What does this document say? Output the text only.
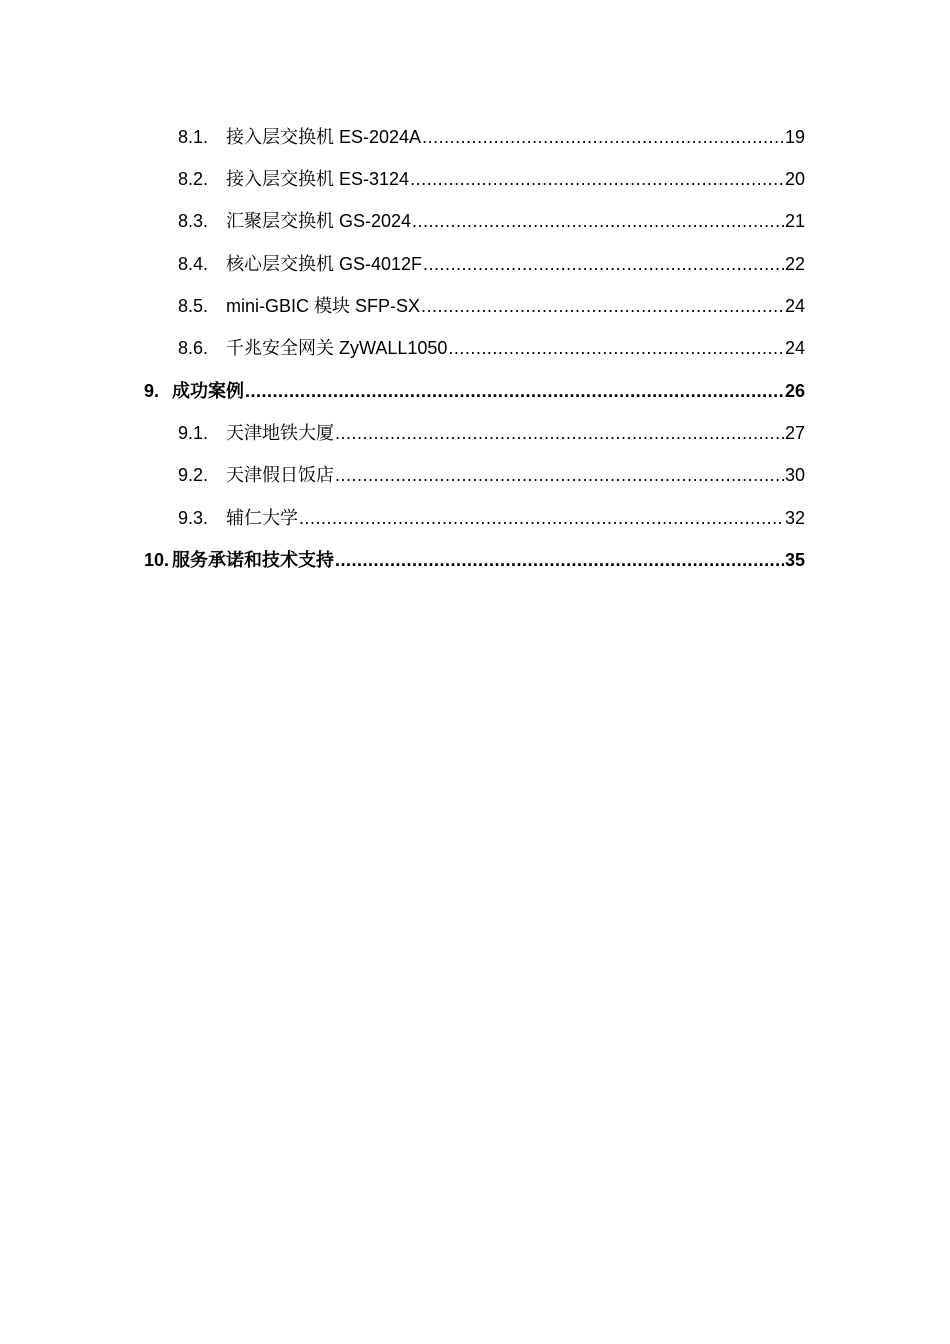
8.1. 接入层交换机 ES-2024A .....	19
8.2. 接入层交换机 ES-3124 .....	20
8.3. 汇聚层交换机 GS-2024 .....	21
8.4. 核心层交换机 GS-4012F .....	22
8.5. mini-GBIC 模块 SFP-SX .....	24
8.6. 千兆安全网关 ZyWALL1050 .....	24
9. 成功案例 .....	26
9.1. 天津地铁大厦 .....	27
9.2. 天津假日饭店 .....	30
9.3. 辅仁大学 .....	32
10. 服务承诺和技术支持 .....	35
